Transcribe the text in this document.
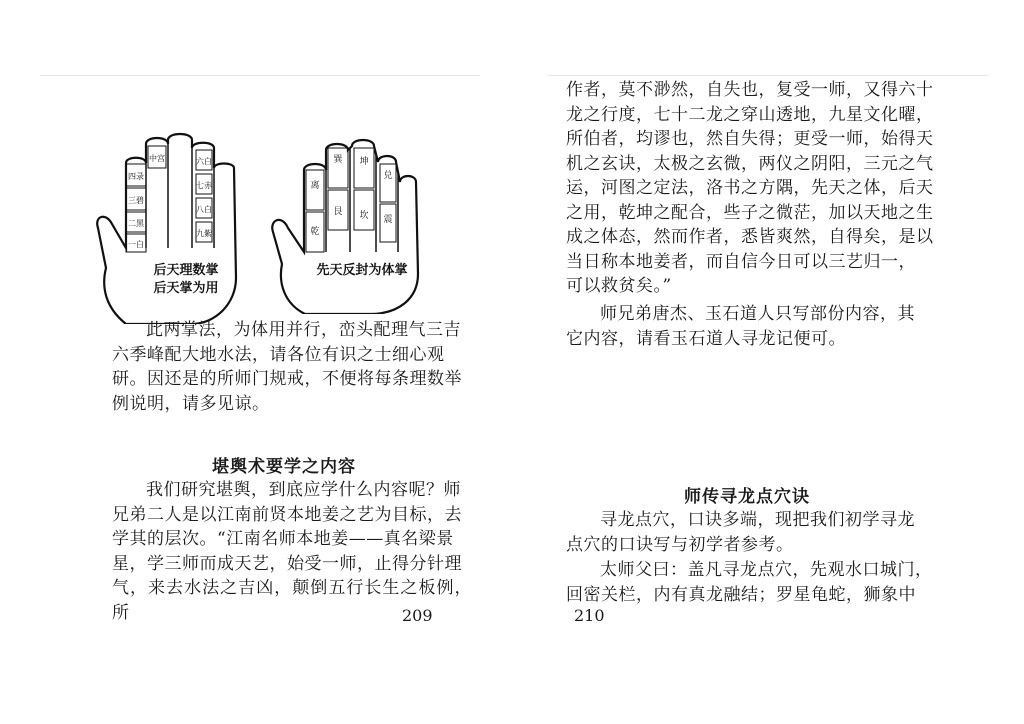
四录
三碧
二黑
一白
中宫	六白
七赤
八白
九紫
后天理数掌
后天掌为用
离
乾
巽
艮
坤
坎
兑
震
先天反封为体掌
此两掌法，为体用并行，峦头配理气三吉
六季峰配大地水法，请各位有识之士细心观
研。因还是的所师门规戒，不便将每条理数举
例说明，请多见谅。
堪舆术要学之内容
我们研究堪舆，到底应学什么内容呢？师
兄弟二人是以江南前贤本地姜之艺为目标，去
学其的层次。“江南名师本地姜——真名梁景
星，学三师而成天艺，始受一师，止得分针理
气，来去水法之吉凶，颠倒五行长生之板例，所	209
作者，莫不渺然，自失也，复受一师，又得六十
龙之行度，七十二龙之穿山透地，九星文化曜，
所伯者，均谬也，然自失得；更受一师，始得天
机之玄诀，太极之玄微，两仪之阴阳，三元之气
运，河图之定法，洛书之方隅，先天之体，后天
之用，乾坤之配合，些子之微茫，加以天地之生
成之体态，然而作者，悉皆爽然，自得矣，是以
当日称本地姜者，而自信今日可以三艺归一，
可以救贫矣。”
师兄弟唐杰、玉石道人只写部份内容，其
它内容，请看玉石道人寻龙记便可。
师传寻龙点穴诀
寻龙点穴，口诀多端，现把我们初学寻龙
点穴的口诀写与初学者参考。
太师父曰：盖凡寻龙点穴，先观水口城门，
回密关栏，内有真龙融结；罗星龟蛇，狮象中
210
